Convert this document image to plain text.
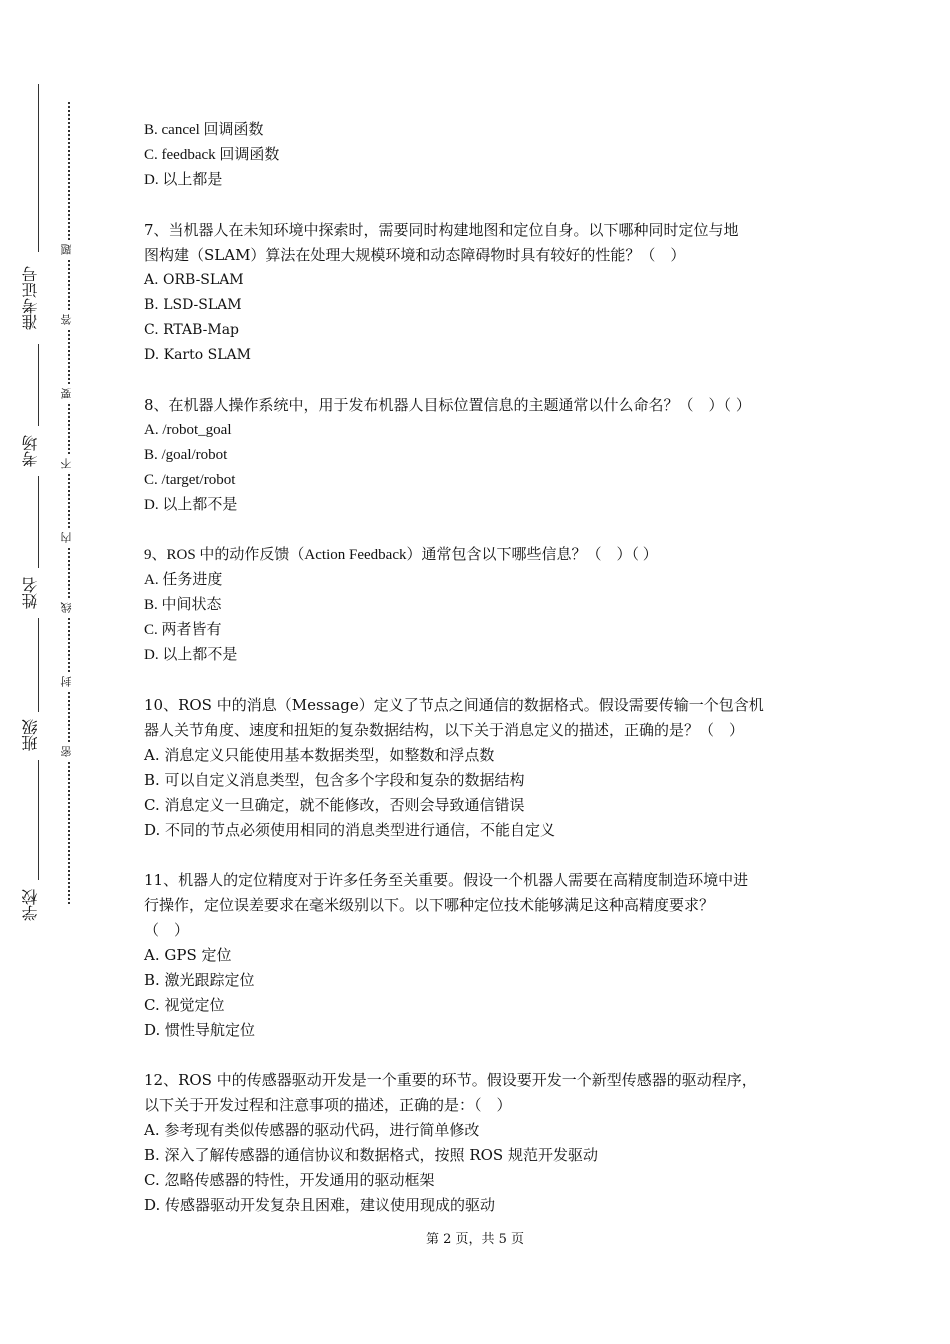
准考证号
考场
姓名
班级
学校
题
答
要
不
内
线
封
密
B. cancel 回调函数
C. feedback 回调函数
D. 以上都是
7、当机器人在未知环境中探索时，需要同时构建地图和定位自身。以下哪种同时定位与地
图构建（SLAM）算法在处理大规模环境和动态障碍物时具有较好的性能？（　）
A. ORB-SLAM
B. LSD-SLAM
C. RTAB-Map
D. Karto SLAM
8、在机器人操作系统中，用于发布机器人目标位置信息的主题通常以什么命名？（　）（ ）
A. /robot_goal
B. /goal/robot
C. /target/robot
D. 以上都不是
9、ROS 中的动作反馈（Action Feedback）通常包含以下哪些信息？（　）（ ）
A. 任务进度
B. 中间状态
C. 两者皆有
D. 以上都不是
10、ROS 中的消息（Message）定义了节点之间通信的数据格式。假设需要传输一个包含机
器人关节角度、速度和扭矩的复杂数据结构，以下关于消息定义的描述，正确的是？（　）
A. 消息定义只能使用基本数据类型，如整数和浮点数
B. 可以自定义消息类型，包含多个字段和复杂的数据结构
C. 消息定义一旦确定，就不能修改，否则会导致通信错误
D. 不同的节点必须使用相同的消息类型进行通信，不能自定义
11、机器人的定位精度对于许多任务至关重要。假设一个机器人需要在高精度制造环境中进
行操作，定位误差要求在毫米级别以下。以下哪种定位技术能够满足这种高精度要求？
（　）
A. GPS 定位
B. 激光跟踪定位
C. 视觉定位
D. 惯性导航定位
12、ROS 中的传感器驱动开发是一个重要的环节。假设要开发一个新型传感器的驱动程序，
以下关于开发过程和注意事项的描述，正确的是：（　）
A. 参考现有类似传感器的驱动代码，进行简单修改
B. 深入了解传感器的通信协议和数据格式，按照 ROS 规范开发驱动
C. 忽略传感器的特性，开发通用的驱动框架
D. 传感器驱动开发复杂且困难，建议使用现成的驱动
第 2 页，共 5 页
